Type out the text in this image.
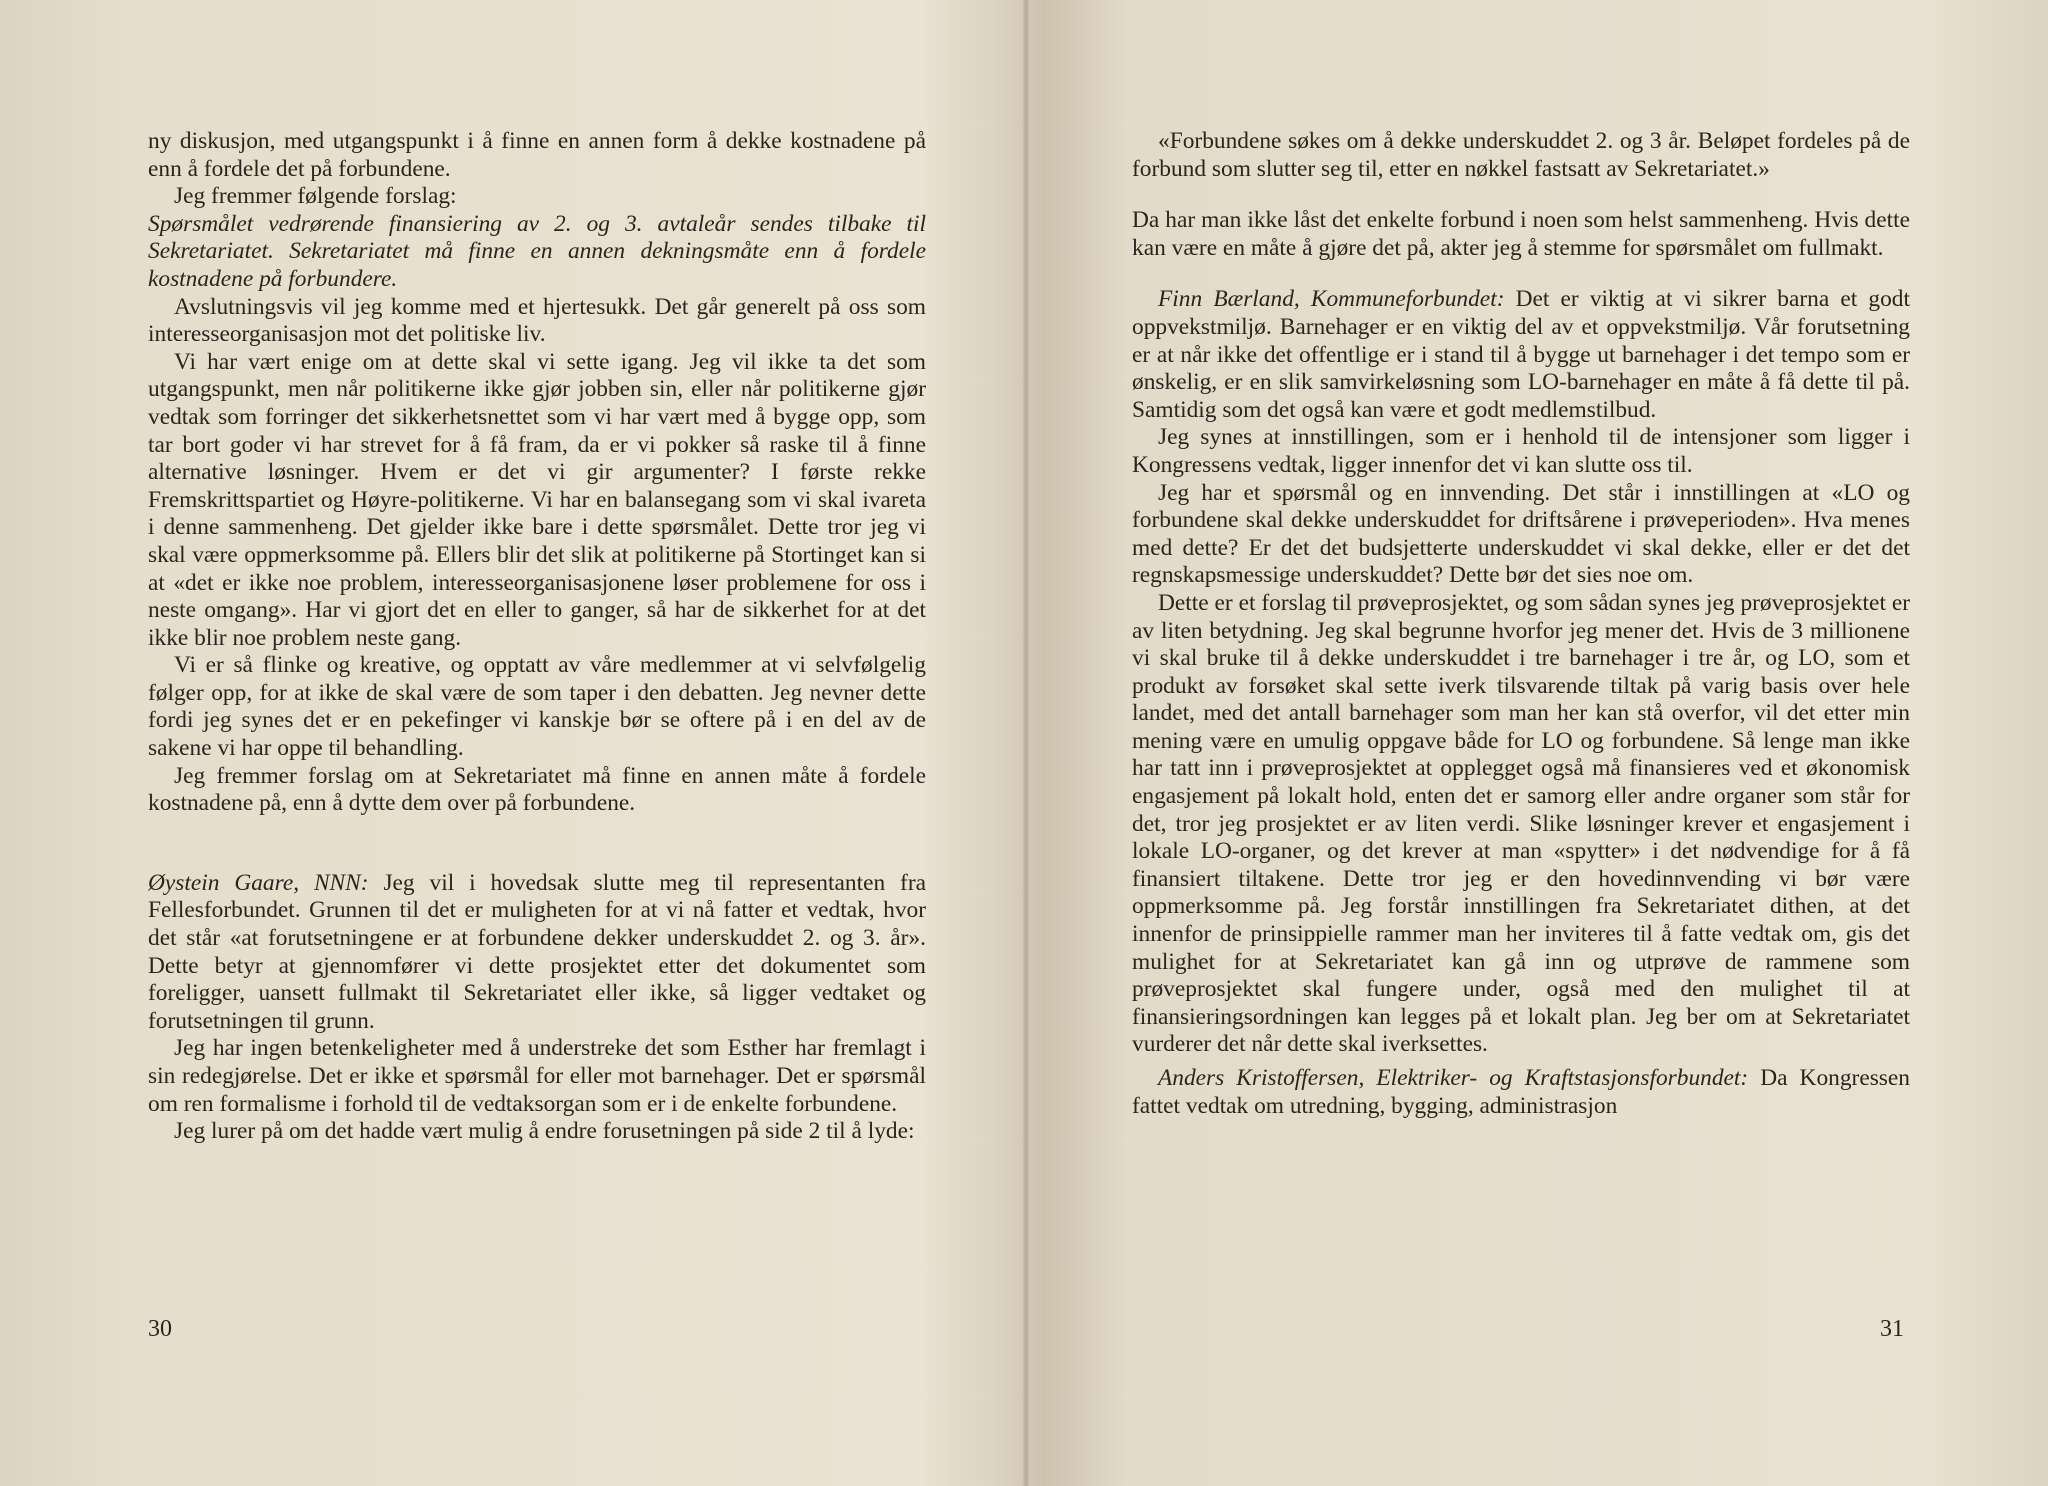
ny diskusjon, med utgangspunkt i å finne en annen form å dekke kostnadene på enn å fordele det på forbundene.

Jeg fremmer følgende forslag:

Spørsmålet vedrørende finansiering av 2. og 3. avtaleår sendes tilbake til Sekretariatet. Sekretariatet må finne en annen dekningsmåte enn å fordele kostnadene på forbundere.

Avslutningsvis vil jeg komme med et hjertesukk. Det går generelt på oss som interesseorganisasjon mot det politiske liv.

Vi har vært enige om at dette skal vi sette igang. Jeg vil ikke ta det som utgangspunkt, men når politikerne ikke gjør jobben sin, eller når politikerne gjør vedtak som forringer det sikkerhetsnettet som vi har vært med å bygge opp, som tar bort goder vi har strevet for å få fram, da er vi pokker så raske til å finne alternative løsninger. Hvem er det vi gir argumenter? I første rekke Fremskrittspartiet og Høyre-politikerne. Vi har en balansegang som vi skal ivareta i denne sammenheng. Det gjelder ikke bare i dette spørsmålet. Dette tror jeg vi skal være oppmerksomme på. Ellers blir det slik at politikerne på Stortinget kan si at «det er ikke noe problem, interesseorganisasjonene løser problemene for oss i neste omgang». Har vi gjort det en eller to ganger, så har de sikkerhet for at det ikke blir noe problem neste gang.

Vi er så flinke og kreative, og opptatt av våre medlemmer at vi selvfølgelig følger opp, for at ikke de skal være de som taper i den debatten. Jeg nevner dette fordi jeg synes det er en pekefinger vi kanskje bør se oftere på i en del av de sakene vi har oppe til behandling.

Jeg fremmer forslag om at Sekretariatet må finne en annen måte å fordele kostnadene på, enn å dytte dem over på forbundene.

Øystein Gaare, NNN: Jeg vil i hovedsak slutte meg til representanten fra Fellesforbundet. Grunnen til det er muligheten for at vi nå fatter et vedtak, hvor det står «at forutsetningene er at forbundene dekker underskuddet 2. og 3. år». Dette betyr at gjennomfører vi dette prosjektet etter det dokumentet som foreligger, uansett fullmakt til Sekretariatet eller ikke, så ligger vedtaket og forutsetningen til grunn.

Jeg har ingen betenkeligheter med å understreke det som Esther har fremlagt i sin redegjørelse. Det er ikke et spørsmål for eller mot barnehager. Det er spørsmål om ren formalisme i forhold til de vedtaksorgan som er i de enkelte forbundene.

Jeg lurer på om det hadde vært mulig å endre forusetningen på side 2 til å lyde:

30

«Forbundene søkes om å dekke underskuddet 2. og 3 år. Beløpet fordeles på de forbund som slutter seg til, etter en nøkkel fastsatt av Sekretariatet.»

Da har man ikke låst det enkelte forbund i noen som helst sammenheng. Hvis dette kan være en måte å gjøre det på, akter jeg å stemme for spørsmålet om fullmakt.

Finn Bærland, Kommuneforbundet: Det er viktig at vi sikrer barna et godt oppvekstmiljø. Barnehager er en viktig del av et oppvekstmiljø. Vår forutsetning er at når ikke det offentlige er i stand til å bygge ut barnehager i det tempo som er ønskelig, er en slik samvirkeløsning som LO-barnehager en måte å få dette til på. Samtidig som det også kan være et godt medlemstilbud.

Jeg synes at innstillingen, som er i henhold til de intensjoner som ligger i Kongressens vedtak, ligger innenfor det vi kan slutte oss til.

Jeg har et spørsmål og en innvending. Det står i innstillingen at «LO og forbundene skal dekke underskuddet for driftsårene i prøveperioden». Hva menes med dette? Er det det budsjetterte underskuddet vi skal dekke, eller er det det regnskapsmessige underskuddet? Dette bør det sies noe om.

Dette er et forslag til prøveprosjektet, og som sådan synes jeg prøveprosjektet er av liten betydning. Jeg skal begrunne hvorfor jeg mener det. Hvis de 3 millionene vi skal bruke til å dekke underskuddet i tre barnehager i tre år, og LO, som et produkt av forsøket skal sette iverk tilsvarende tiltak på varig basis over hele landet, med det antall barnehager som man her kan stå overfor, vil det etter min mening være en umulig oppgave både for LO og forbundene. Så lenge man ikke har tatt inn i prøveprosjektet at opplegget også må finansieres ved et økonomisk engasjement på lokalt hold, enten det er samorg eller andre organer som står for det, tror jeg prosjektet er av liten verdi. Slike løsninger krever et engasjement i lokale LO-organer, og det krever at man «spytter» i det nødvendige for å få finansiert tiltakene. Dette tror jeg er den hovedinnvending vi bør være oppmerksomme på. Jeg forstår innstillingen fra Sekretariatet dithen, at det innenfor de prinsippielle rammer man her inviteres til å fatte vedtak om, gis det mulighet for at Sekretariatet kan gå inn og utprøve de rammene som prøveprosjektet skal fungere under, også med den mulighet til at finansieringsordningen kan legges på et lokalt plan. Jeg ber om at Sekretariatet vurderer det når dette skal iverksettes.

Anders Kristoffersen, Elektriker- og Kraftstasjonsforbundet: Da Kongressen fattet vedtak om utredning, bygging, administrasjon

31
